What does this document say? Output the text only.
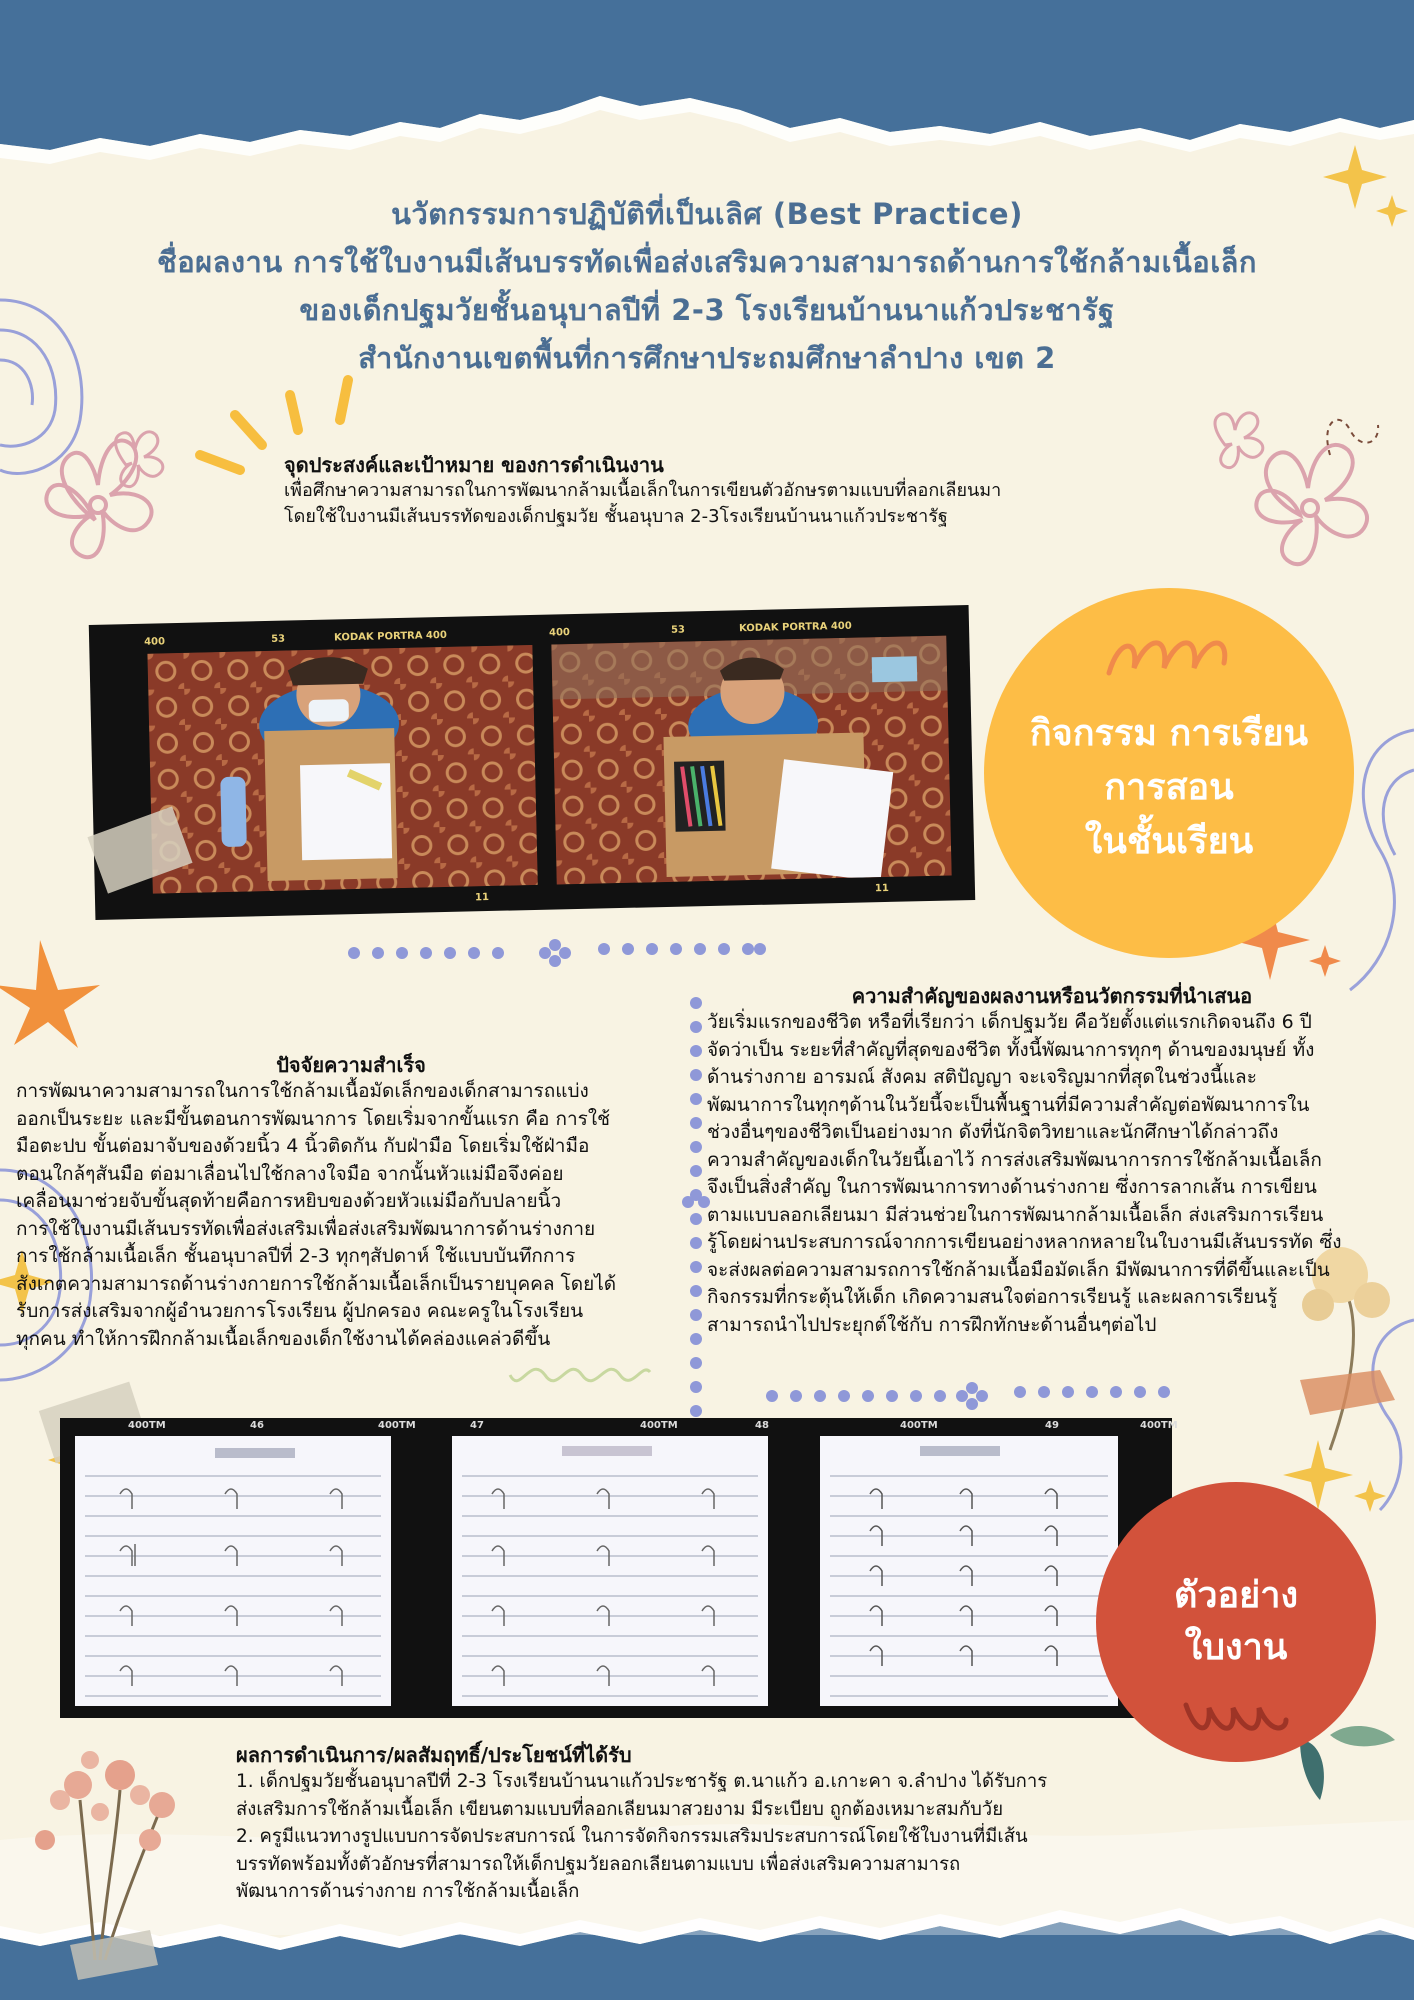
นวัตกรรมการปฏิบัติที่เป็นเลิศ (Best Practice)
ชื่อผลงาน การใช้ใบงานมีเส้นบรรทัดเพื่อส่งเสริมความสามารถด้านการใช้กล้ามเนื้อเล็ก
ของเด็กปฐมวัยชั้นอนุบาลปีที่ 2-3 โรงเรียนบ้านนาแก้วประชารัฐ
สำนักงานเขตพื้นที่การศึกษาประถมศึกษาลำปาง เขต 2
จุดประสงค์และเป้าหมาย ของการดำเนินงาน
เพื่อศึกษาความสามารถในการพัฒนากล้ามเนื้อเล็กในการเขียนตัวอักษรตามแบบที่ลอกเลียนมา
โดยใช้ใบงานมีเส้นบรรทัดของเด็กปฐมวัย ชั้นอนุบาล 2-3โรงเรียนบ้านนาแก้วประชารัฐ
400	53	KODAK PORTRA 400	400	53	KODAK PORTRA 400
11
11
กิจกรรม การเรียน
การสอน
ในชั้นเรียน
ความสำคัญของผลงานหรือนวัตกรรมที่นำเสนอ
วัยเริ่มแรกของชีวิต หรือที่เรียกว่า เด็กปฐมวัย คือวัยตั้งแต่แรกเกิดจนถึง 6 ปี
จัดว่าเป็น ระยะที่สำคัญที่สุดของชีวิต ทั้งนี้พัฒนาการทุกๆ ด้านของมนุษย์ ทั้ง
ด้านร่างกาย อารมณ์ สังคม สติปัญญา จะเจริญมากที่สุดในช่วงนี้และ
พัฒนาการในทุกๆด้านในวัยนี้จะเป็นพื้นฐานที่มีความสำคัญต่อพัฒนาการใน
ช่วงอื่นๆของชีวิตเป็นอย่างมาก ดังที่นักจิตวิทยาและนักศึกษาได้กล่าวถึง
ความสำคัญของเด็กในวัยนี้เอาไว้ การส่งเสริมพัฒนาการการใช้กล้ามเนื้อเล็ก
จึงเป็นสิ่งสำคัญ ในการพัฒนาการทางด้านร่างกาย ซึ่งการลากเส้น การเขียน
ตามแบบลอกเลียนมา มีส่วนช่วยในการพัฒนากล้ามเนื้อเล็ก ส่งเสริมการเรียน
รู้โดยผ่านประสบการณ์จากการเขียนอย่างหลากหลายในใบงานมีเส้นบรรทัด ซึ่ง
จะส่งผลต่อความสามรถการใช้กล้ามเนื้อมือมัดเล็ก มีพัฒนาการที่ดีขึ้นและเป็น
กิจกรรมที่กระตุ้นให้เด็ก เกิดความสนใจต่อการเรียนรู้ และผลการเรียนรู้
สามารถนำไปประยุกต์ใช้กับ การฝึกทักษะด้านอื่นๆต่อไป
ปัจจัยความสำเร็จ
การพัฒนาความสามารถในการใช้กล้ามเนื้อมัดเล็กของเด็กสามารถแบ่ง
ออกเป็นระยะ และมีขั้นตอนการพัฒนาการ โดยเริ่มจากขั้นแรก คือ การใช้
มือตะปบ ขั้นต่อมาจับของด้วยนิ้ว 4 นิ้วติดกัน กับฝ่ามือ โดยเริ่มใช้ฝ่ามือ
ตอนใกล้ๆสันมือ ต่อมาเลื่อนไปใช้กลางใจมือ จากนั้นหัวแม่มือจึงค่อย
เคลื่อนมาช่วยจับขั้นสุดท้ายคือการหยิบของด้วยหัวแม่มือกับปลายนิ้ว
การใช้ใบงานมีเส้นบรรทัดเพื่อส่งเสริมเพื่อส่งเสริมพัฒนาการด้านร่างกาย
การใช้กล้ามเนื้อเล็ก ชั้นอนุบาลปีที่ 2-3 ทุกๆสัปดาห์ ใช้แบบบันทึกการ
สังเกตความสามารถด้านร่างกายการใช้กล้ามเนื้อเล็กเป็นรายบุคคล โดยได้
รับการส่งเสริมจากผู้อำนวยการโรงเรียน ผู้ปกครอง คณะครูในโรงเรียน
ทุกคน ทำให้การฝึกกล้ามเนื้อเล็กของเด็กใช้งานได้คล่องแคล่วดีขึ้น
400TM	46	400TM	47	400TM	48	400TM	49	400TM
ตัวอย่าง
ใบงาน
ผลการดำเนินการ/ผลสัมฤทธิ์/ประโยชน์ที่ได้รับ
1. เด็กปฐมวัยชั้นอนุบาลปีที่ 2-3 โรงเรียนบ้านนาแก้วประชารัฐ ต.นาแก้ว อ.เกาะคา จ.ลำปาง ได้รับการ
ส่งเสริมการใช้กล้ามเนื้อเล็ก เขียนตามแบบที่ลอกเลียนมาสวยงาม มีระเบียบ ถูกต้องเหมาะสมกับวัย
2. ครูมีแนวทางรูปแบบการจัดประสบการณ์ ในการจัดกิจกรรมเสริมประสบการณ์โดยใช้ใบงานที่มีเส้น
บรรทัดพร้อมทั้งตัวอักษรที่สามารถให้เด็กปฐมวัยลอกเลียนตามแบบ เพื่อส่งเสริมความสามารถ
พัฒนาการด้านร่างกาย การใช้กล้ามเนื้อเล็ก
